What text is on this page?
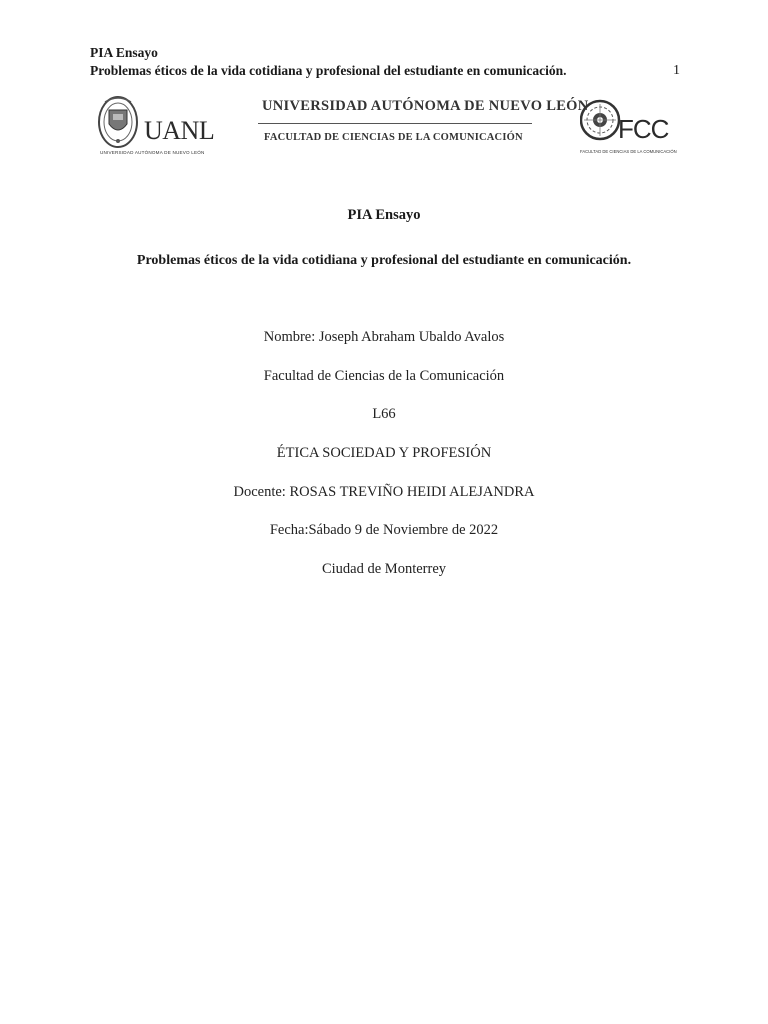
PIA Ensayo
Problemas éticos de la vida cotidiana y profesional del estudiante en comunicación.	1
UANL
UNIVERSIDAD AUTÓNOMA DE NUEVO LEÓN
UNIVERSIDAD AUTÓNOMA DE NUEVO LEÓN
FACULTAD DE CIENCIAS DE LA COMUNICACIÓN	FCC
FACULTAD DE CIENCIAS DE LA COMUNICACIÓN
PIA Ensayo
Problemas éticos de la vida cotidiana y profesional del estudiante en comunicación.
Nombre: Joseph Abraham Ubaldo Avalos
Facultad de Ciencias de la Comunicación
L66
ÉTICA SOCIEDAD Y PROFESIÓN
Docente: ROSAS TREVIÑO HEIDI ALEJANDRA
Fecha:Sábado 9 de Noviembre de 2022
Ciudad de Monterrey
